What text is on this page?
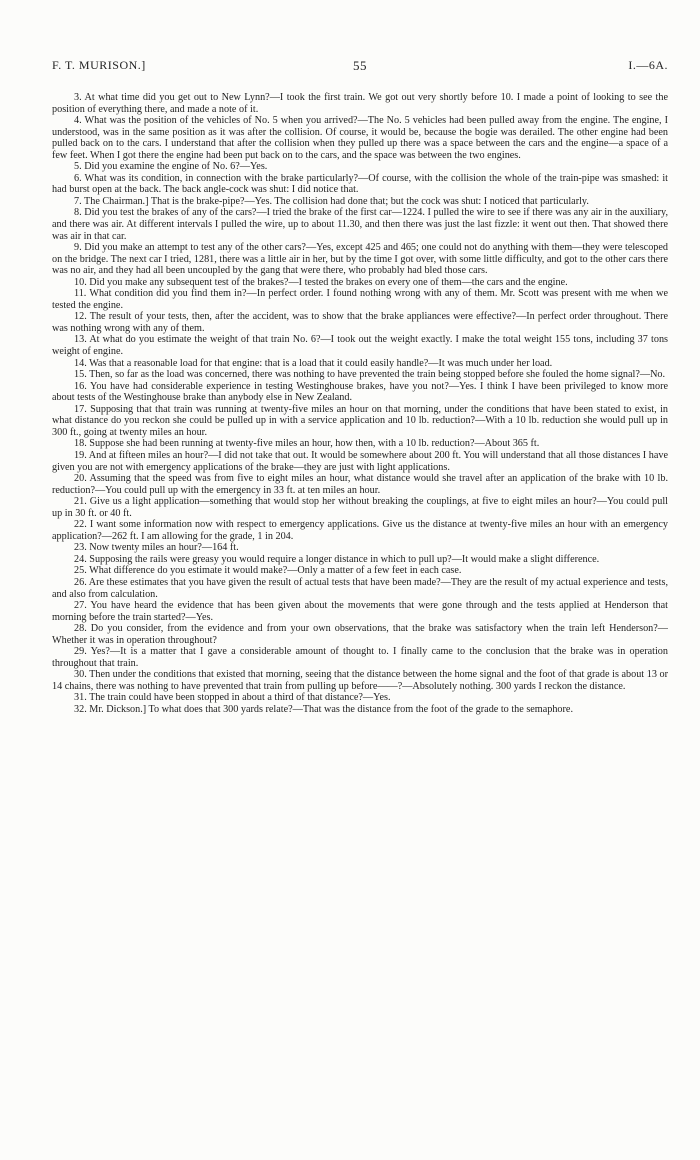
F. T. MURISON.]	55	I.—6A.

3. At what time did you get out to New Lynn?—I took the first train. We got out very shortly before 10. I made a point of looking to see the position of everything there, and made a note of it.

4. What was the position of the vehicles of No. 5 when you arrived?—The No. 5 vehicles had been pulled away from the engine. The engine, I understood, was in the same position as it was after the collision. Of course, it would be, because the bogie was derailed. The other engine had been pulled back on to the cars. I understand that after the collision when they pulled up there was a space between the cars and the engine—a space of a few feet. When I got there the engine had been put back on to the cars, and the space was between the two engines.

5. Did you examine the engine of No. 6?—Yes.

6. What was its condition, in connection with the brake particularly?—Of course, with the collision the whole of the train-pipe was smashed: it had burst open at the back. The back angle-cock was shut: I did notice that.

7. The Chairman.] That is the brake-pipe?—Yes. The collision had done that; but the cock was shut: I noticed that particularly.

8. Did you test the brakes of any of the cars?—I tried the brake of the first car—1224. I pulled the wire to see if there was any air in the auxiliary, and there was air. At different intervals I pulled the wire, up to about 11.30, and then there was just the last fizzle: it went out then. That showed there was air in that car.

9. Did you make an attempt to test any of the other cars?—Yes, except 425 and 465; one could not do anything with them—they were telescoped on the bridge. The next car I tried, 1281, there was a little air in her, but by the time I got over, with some little difficulty, and got to the other cars there was no air, and they had all been uncoupled by the gang that were there, who probably had bled those cars.

10. Did you make any subsequent test of the brakes?—I tested the brakes on every one of them—the cars and the engine.

11. What condition did you find them in?—In perfect order. I found nothing wrong with any of them. Mr. Scott was present with me when we tested the engine.

12. The result of your tests, then, after the accident, was to show that the brake appliances were effective?—In perfect order throughout. There was nothing wrong with any of them.

13. At what do you estimate the weight of that train No. 6?—I took out the weight exactly. I make the total weight 155 tons, including 37 tons weight of engine.

14. Was that a reasonable load for that engine: that is a load that it could easily handle?—It was much under her load.

15. Then, so far as the load was concerned, there was nothing to have prevented the train being stopped before she fouled the home signal?—No.

16. You have had considerable experience in testing Westinghouse brakes, have you not?—Yes. I think I have been privileged to know more about tests of the Westinghouse brake than anybody else in New Zealand.

17. Supposing that that train was running at twenty-five miles an hour on that morning, under the conditions that have been stated to exist, in what distance do you reckon she could be pulled up in with a service application and 10 lb. reduction?—With a 10 lb. reduction she would pull up in 300 ft., going at twenty miles an hour.

18. Suppose she had been running at twenty-five miles an hour, how then, with a 10 lb. reduction?—About 365 ft.

19. And at fifteen miles an hour?—I did not take that out. It would be somewhere about 200 ft. You will understand that all those distances I have given you are not with emergency applications of the brake—they are just with light applications.

20. Assuming that the speed was from five to eight miles an hour, what distance would she travel after an application of the brake with 10 lb. reduction?—You could pull up with the emergency in 33 ft. at ten miles an hour.

21. Give us a light application—something that would stop her without breaking the couplings, at five to eight miles an hour?—You could pull up in 30 ft. or 40 ft.

22. I want some information now with respect to emergency applications. Give us the distance at twenty-five miles an hour with an emergency application?—262 ft. I am allowing for the grade, 1 in 204.

23. Now twenty miles an hour?—164 ft.

24. Supposing the rails were greasy you would require a longer distance in which to pull up?—It would make a slight difference.

25. What difference do you estimate it would make?—Only a matter of a few feet in each case.

26. Are these estimates that you have given the result of actual tests that have been made?—They are the result of my actual experience and tests, and also from calculation.

27. You have heard the evidence that has been given about the movements that were gone through and the tests applied at Henderson that morning before the train started?—Yes.

28. Do you consider, from the evidence and from your own observations, that the brake was satisfactory when the train left Henderson?—Whether it was in operation throughout?

29. Yes?—It is a matter that I gave a considerable amount of thought to. I finally came to the conclusion that the brake was in operation throughout that train.

30. Then under the conditions that existed that morning, seeing that the distance between the home signal and the foot of that grade is about 13 or 14 chains, there was nothing to have prevented that train from pulling up before——?—Absolutely nothing. 300 yards I reckon the distance.

31. The train could have been stopped in about a third of that distance?—Yes.

32. Mr. Dickson.] To what does that 300 yards relate?—That was the distance from the foot of the grade to the semaphore.
